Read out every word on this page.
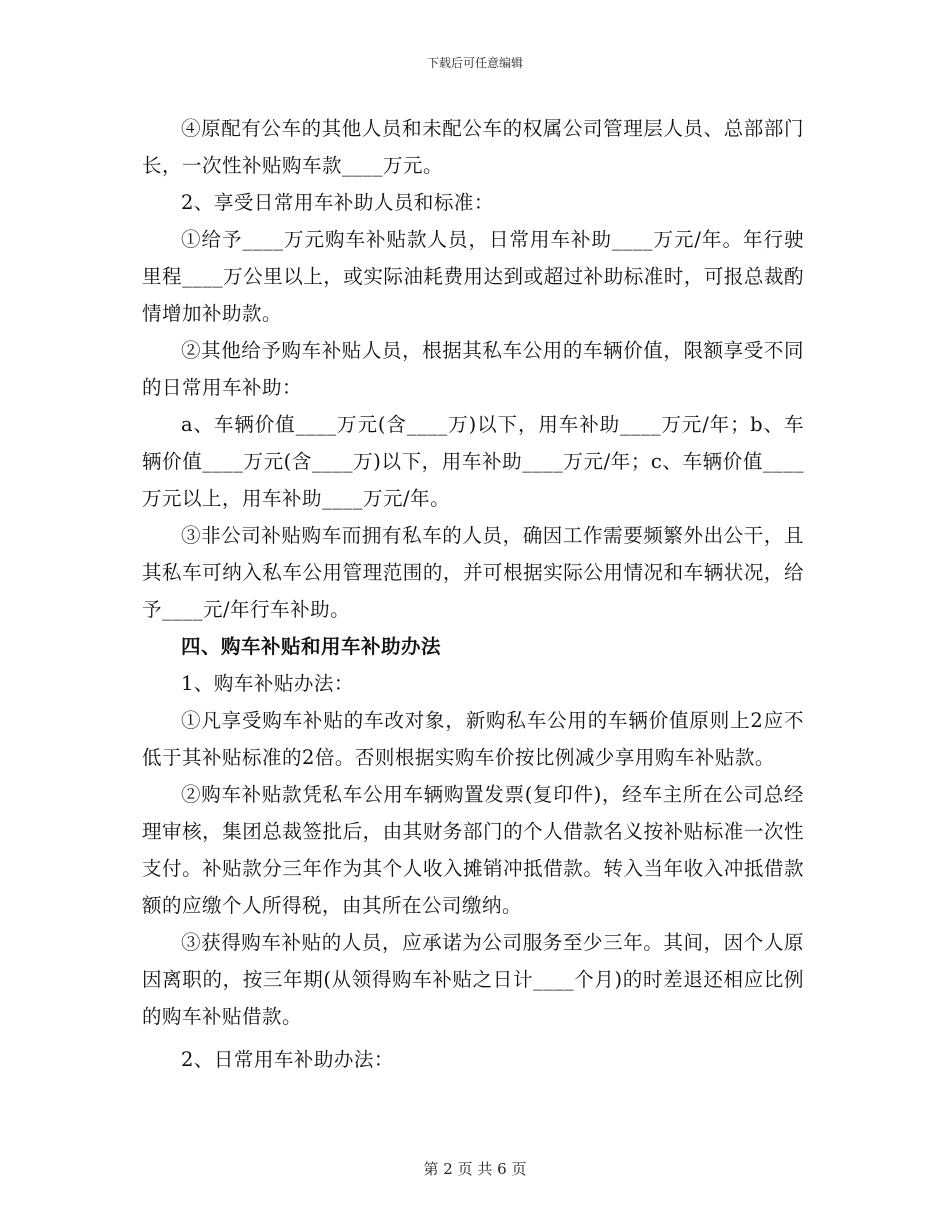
下载后可任意编辑

④原配有公车的其他人员和未配公车的权属公司管理层人员、总部部门长，一次性补贴购车款____万元。

2、享受日常用车补助人员和标准：

①给予____万元购车补贴款人员，日常用车补助____万元/年。年行驶里程____万公里以上，或实际油耗费用达到或超过补助标准时，可报总裁酌情增加补助款。

②其他给予购车补贴人员，根据其私车公用的车辆价值，限额享受不同的日常用车补助：

a、车辆价值____万元(含____万)以下，用车补助____万元/年；b、车辆价值____万元(含____万)以下，用车补助____万元/年；c、车辆价值____万元以上，用车补助____万元/年。

③非公司补贴购车而拥有私车的人员，确因工作需要频繁外出公干，且其私车可纳入私车公用管理范围的，并可根据实际公用情况和车辆状况，给予____元/年行车补助。

四、购车补贴和用车补助办法

1、购车补贴办法：

①凡享受购车补贴的车改对象，新购私车公用的车辆价值原则上2应不低于其补贴标准的2倍。否则根据实购车价按比例减少享用购车补贴款。

②购车补贴款凭私车公用车辆购置发票(复印件)，经车主所在公司总经理审核，集团总裁签批后，由其财务部门的个人借款名义按补贴标准一次性支付。补贴款分三年作为其个人收入摊销冲抵借款。转入当年收入冲抵借款额的应缴个人所得税，由其所在公司缴纳。

③获得购车补贴的人员，应承诺为公司服务至少三年。其间，因个人原因离职的，按三年期(从领得购车补贴之日计____个月)的时差退还相应比例的购车补贴借款。

2、日常用车补助办法：

第 2 页 共 6 页
